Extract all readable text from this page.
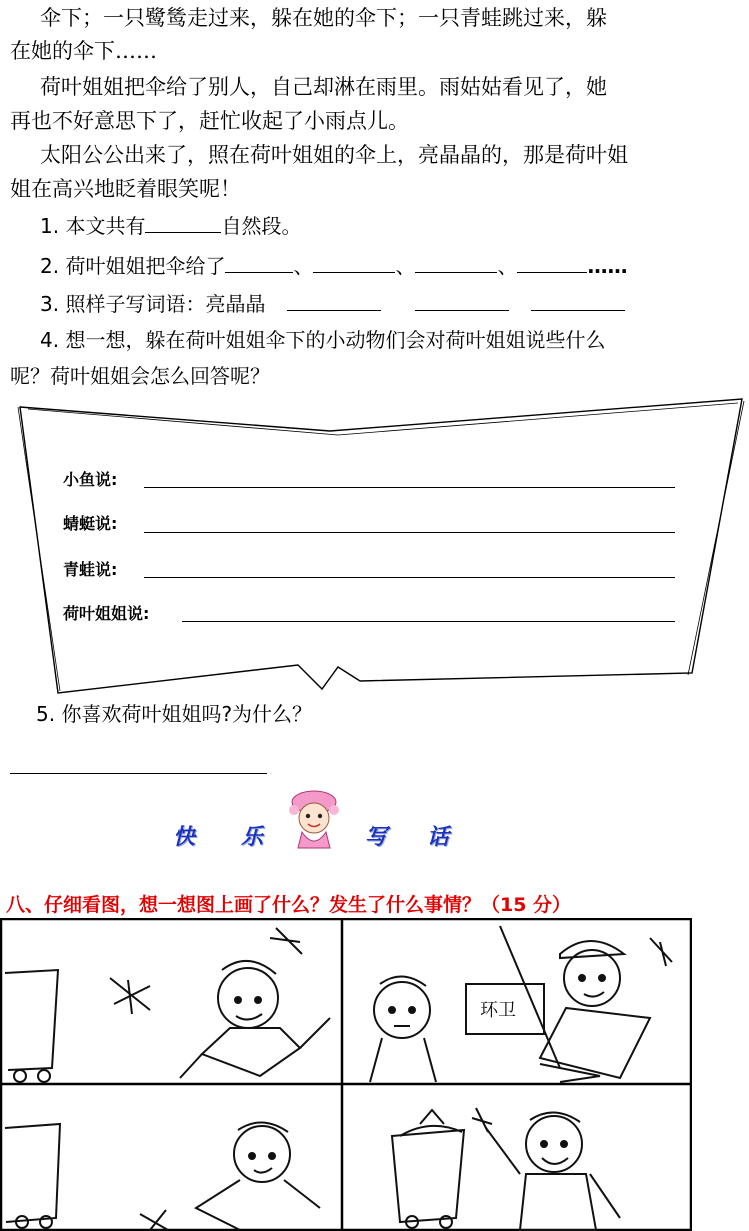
伞下；一只鹭鸶走过来，躲在她的伞下；一只青蛙跳过来，躲
在她的伞下……
荷叶姐姐把伞给了别人，自己却淋在雨里。雨姑姑看见了，她
再也不好意思下了，赶忙收起了小雨点儿。
太阳公公出来了，照在荷叶姐姐的伞上，亮晶晶的，那是荷叶姐
姐在高兴地眨着眼笑呢！
1. 本文共有	自然段。
2. 荷叶姐姐把伞给了	、	、	、	……
3. 照样子写词语：亮晶晶
4. 想一想，躲在荷叶姐姐伞下的小动物们会对荷叶姐姐说些什么
呢？荷叶姐姐会怎么回答呢？
小鱼说:
蜻蜓说:
青蛙说:
荷叶姐姐说:
5. 你喜欢荷叶姐姐吗?为什么？
快 乐	写 话
八、仔细看图，想一想图上画了什么？发生了什么事情？（15 分）
环卫
